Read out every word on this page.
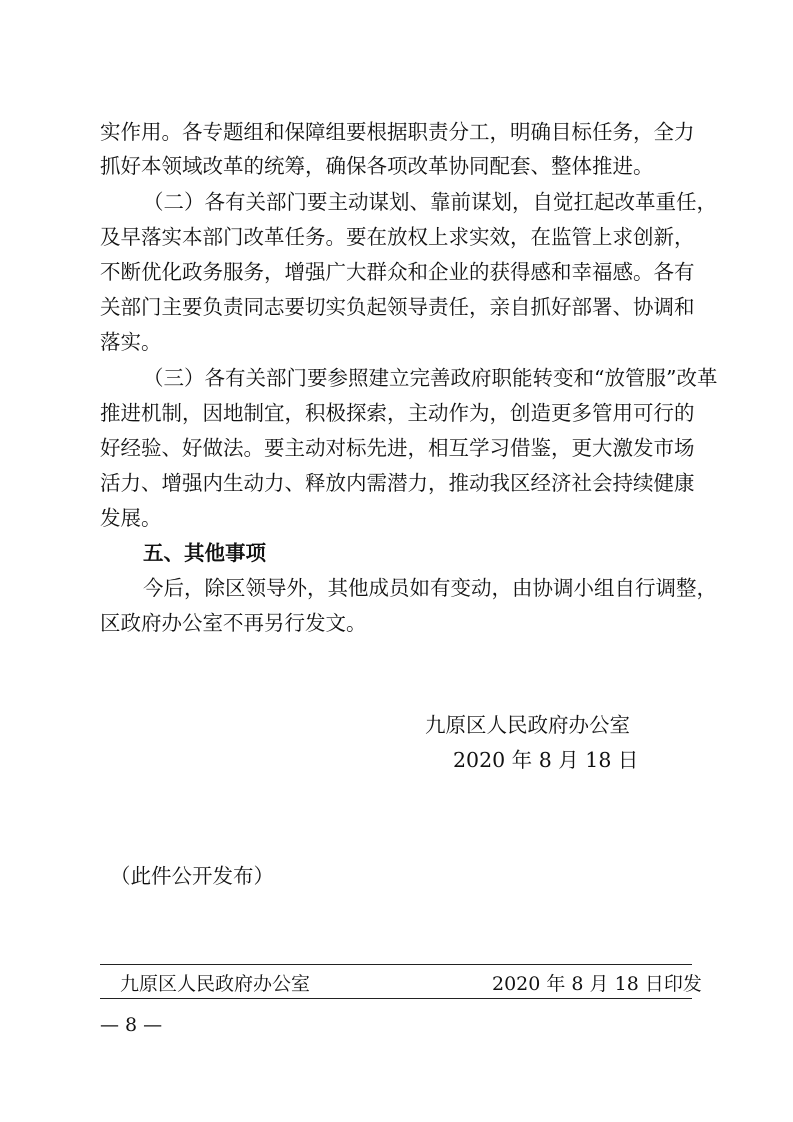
实作用。各专题组和保障组要根据职责分工，明确目标任务，全力
抓好本领域改革的统筹，确保各项改革协同配套、整体推进。
（二）各有关部门要主动谋划、靠前谋划，自觉扛起改革重任，
及早落实本部门改革任务。要在放权上求实效，在监管上求创新，
不断优化政务服务，增强广大群众和企业的获得感和幸福感。各有
关部门主要负责同志要切实负起领导责任，亲自抓好部署、协调和
落实。
（三）各有关部门要参照建立完善政府职能转变和“放管服”改革
推进机制，因地制宜，积极探索，主动作为，创造更多管用可行的
好经验、好做法。要主动对标先进，相互学习借鉴，更大激发市场
活力、增强内生动力、释放内需潜力，推动我区经济社会持续健康
发展。
五、其他事项
今后，除区领导外，其他成员如有变动，由协调小组自行调整，
区政府办公室不再另行发文。
九原区人民政府办公室
2020 年 8 月 18 日
（此件公开发布）
九原区人民政府办公室	2020 年 8 月 18 日印发
— 8 —
